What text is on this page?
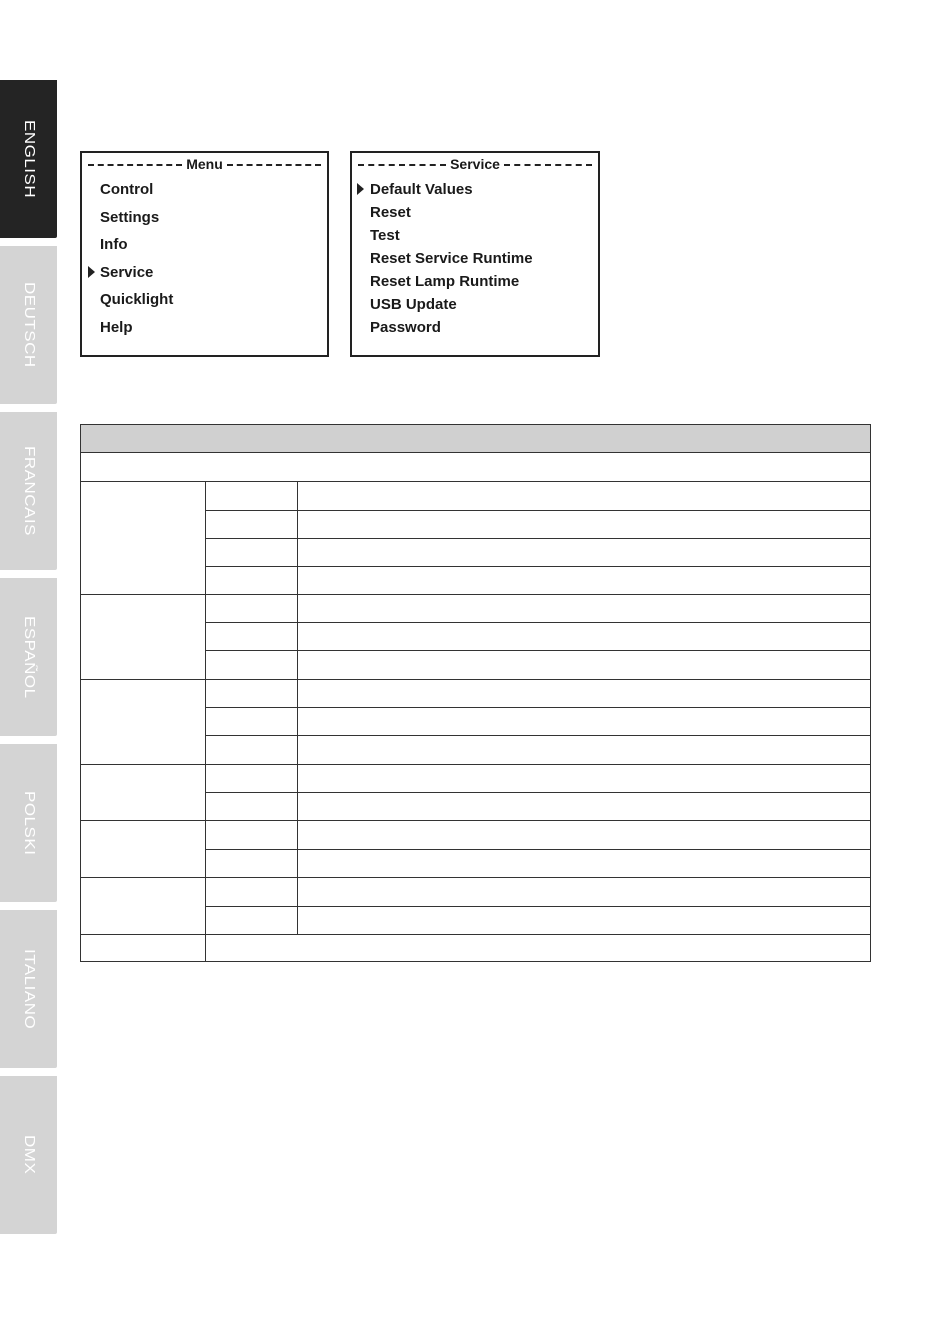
ENGLISH
DEUTSCH
FRANCAIS
ESPAÑOL
POLSKI
ITALIANO
DMX
Menu
Control
Settings
Info
Service
Quicklight
Help
Service
Default Values
Reset
Test
Reset Service Runtime
Reset Lamp Runtime
USB Update
Password
